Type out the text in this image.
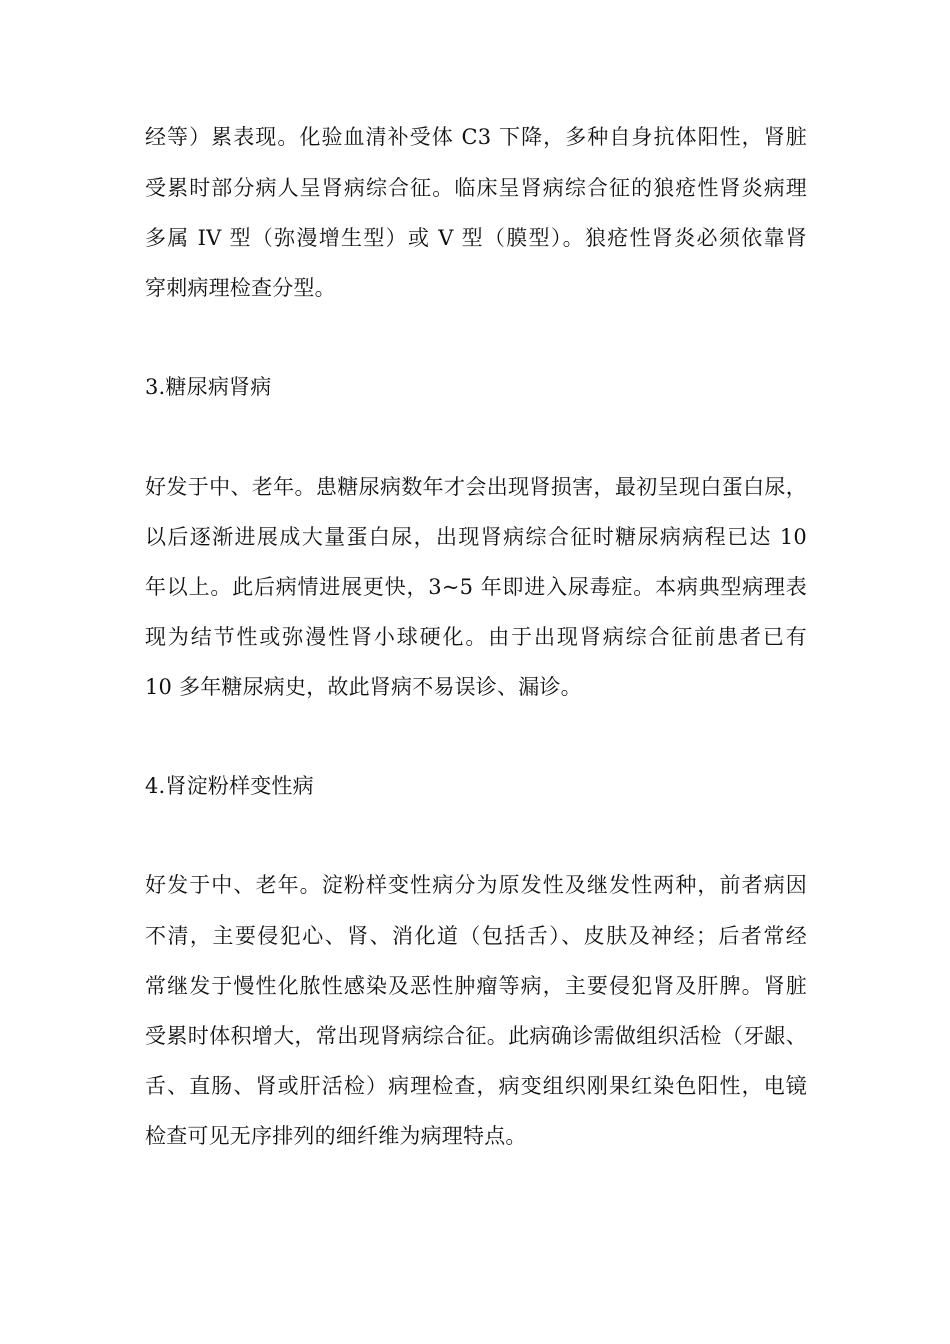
经等）累表现。化验血清补受体 C3 下降，多种自身抗体阳性，肾脏
受累时部分病人呈肾病综合征。临床呈肾病综合征的狼疮性肾炎病理
多属 IV 型（弥漫增生型）或 V 型（膜型）。狼疮性肾炎必须依靠肾
穿刺病理检查分型。
3.糖尿病肾病
好发于中、老年。患糖尿病数年才会出现肾损害，最初呈现白蛋白尿，
以后逐渐进展成大量蛋白尿，出现肾病综合征时糖尿病病程已达 10
年以上。此后病情进展更快，3~5 年即进入尿毒症。本病典型病理表
现为结节性或弥漫性肾小球硬化。由于出现肾病综合征前患者已有
10 多年糖尿病史，故此肾病不易误诊、漏诊。
4.肾淀粉样变性病
好发于中、老年。淀粉样变性病分为原发性及继发性两种，前者病因
不清，主要侵犯心、肾、消化道（包括舌）、皮肤及神经；后者常经
常继发于慢性化脓性感染及恶性肿瘤等病，主要侵犯肾及肝脾。肾脏
受累时体积增大，常出现肾病综合征。此病确诊需做组织活检（牙龈、
舌、直肠、肾或肝活检）病理检查，病变组织刚果红染色阳性，电镜
检查可见无序排列的细纤维为病理特点。
